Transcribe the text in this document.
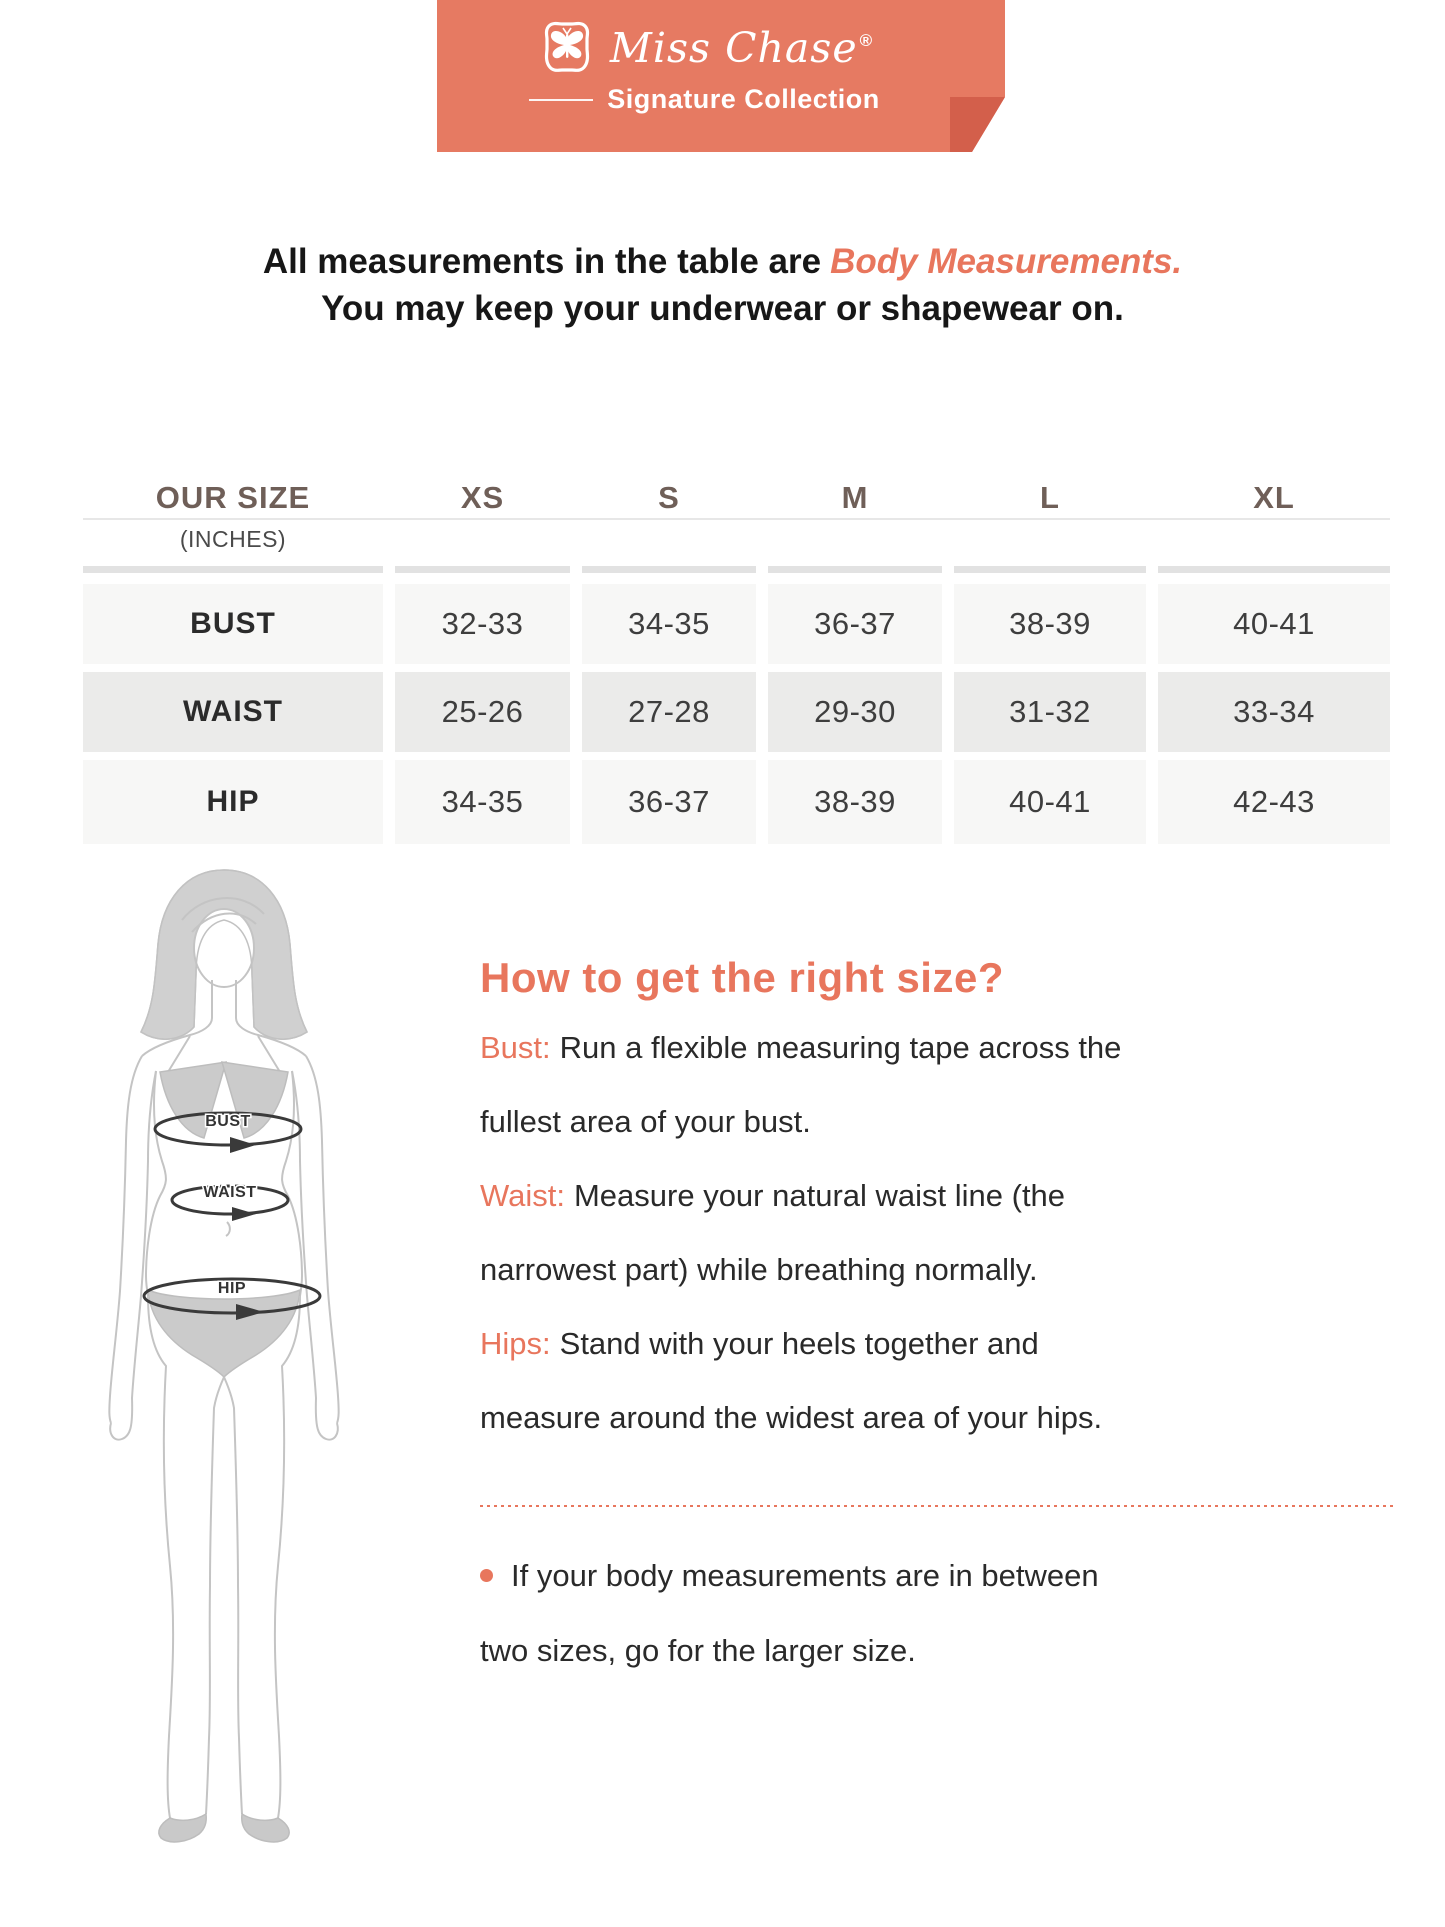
Miss Chase ®
Signature Collection
All measurements in the table are Body Measurements.
You may keep your underwear or shapewear on.
OUR SIZE	XS	S	M	L	XL
(INCHES)
BUST	32-33	34-35	36-37	38-39	40-41
WAIST	25-26	27-28	29-30	31-32	33-34
HIP	34-35	36-37	38-39	40-41	42-43
BUST
WAIST
HIP
How to get the right size?

Bust: Run a flexible measuring tape across the fullest area of your bust.

Waist: Measure your natural waist line (the narrowest part) while breathing normally.

Hips: Stand with your heels together and measure around the widest area of your hips.

If your body measurements are in between two sizes, go for the larger size.
